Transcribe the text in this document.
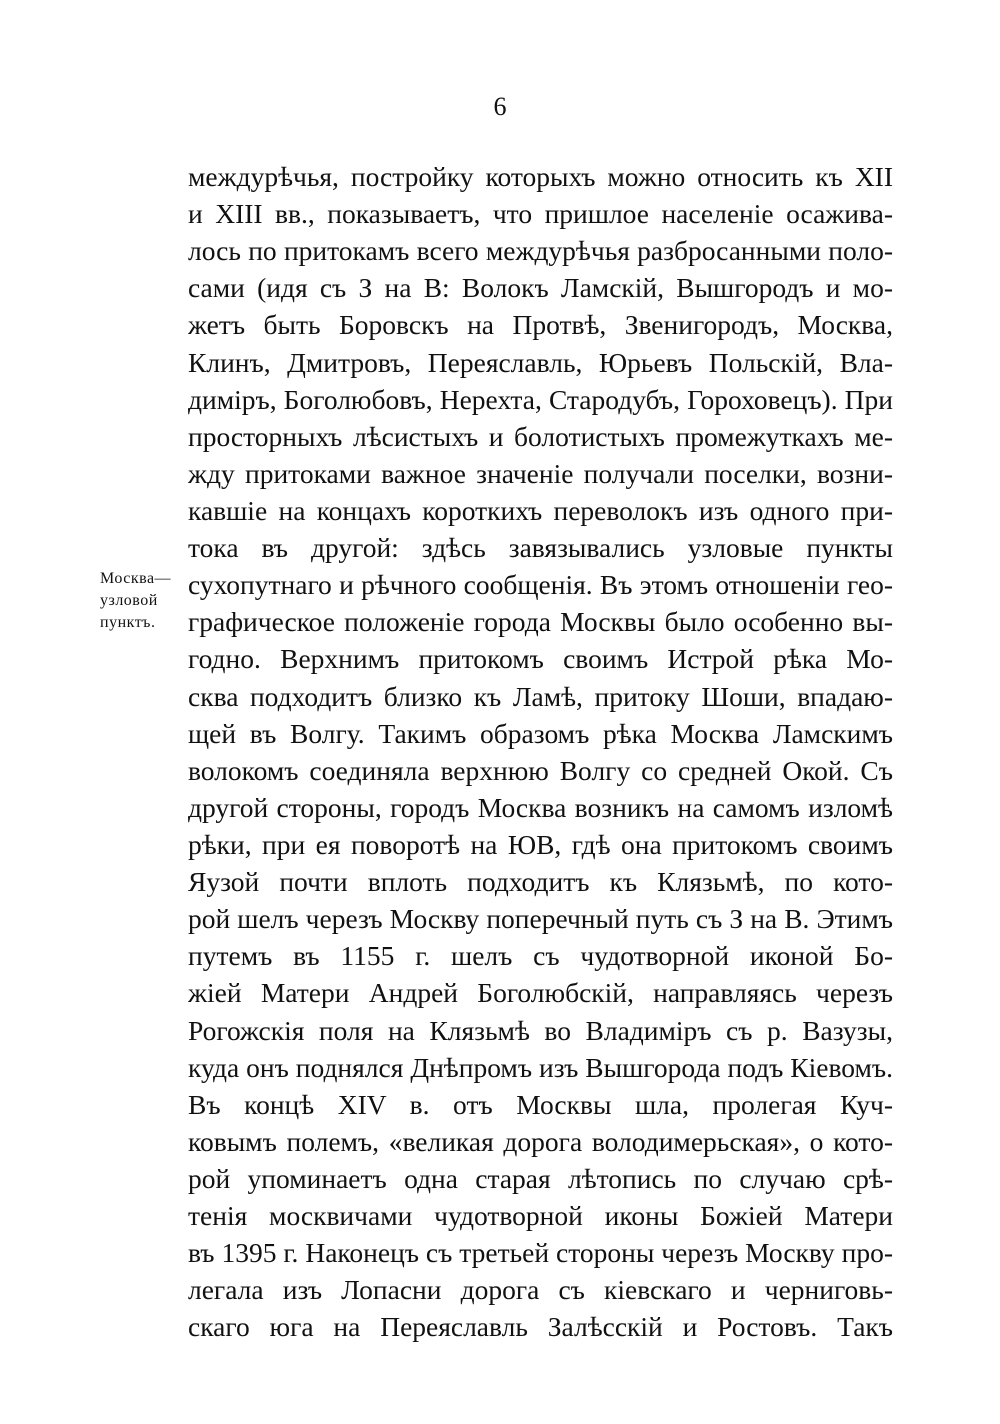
6
Москва—
узловой
пунктъ.
междурѣчья, постройку которыхъ можно относить къ XII
и XIII вв., показываетъ, что пришлое населеніе осажива-
лось по притокамъ всего междурѣчья разбросанными поло-
сами (идя съ З на В: Волокъ Ламскій, Вышгородъ и мо-
жетъ быть Боровскъ на Протвѣ, Звенигородъ, Москва,
Клинъ, Дмитровъ, Переяславль, Юрьевъ Польскій, Вла-
диміръ, Боголюбовъ, Нерехта, Стародубъ, Гороховецъ). При
просторныхъ лѣсистыхъ и болотистыхъ промежуткахъ ме-
жду притоками важное значеніе получали поселки, возни-
кавшіе на концахъ короткихъ переволокъ изъ одного при-
тока въ другой: здѣсь завязывались узловые пункты
сухопутнаго и рѣчного сообщенія. Въ этомъ отношеніи гео-
графическое положеніе города Москвы было особенно вы-
годно. Верхнимъ притокомъ своимъ Истрой рѣка Мо-
сква подходитъ близко къ Ламѣ, притоку Шоши, впадаю-
щей въ Волгу. Такимъ образомъ рѣка Москва Ламскимъ
волокомъ соединяла верхнюю Волгу со средней Окой. Съ
другой стороны, городъ Москва возникъ на самомъ изломѣ
рѣки, при ея поворотѣ на ЮВ, гдѣ она притокомъ своимъ
Яузой почти вплоть подходитъ къ Клязьмѣ, по кото-
рой шелъ черезъ Москву поперечный путь съ З на В. Этимъ
путемъ въ 1155 г. шелъ съ чудотворной иконой Бо-
жіей Матери Андрей Боголюбскій, направляясь черезъ
Рогожскія поля на Клязьмѣ во Владиміръ съ р. Вазузы,
куда онъ поднялся Днѣпромъ изъ Вышгорода подъ Кіевомъ.
Въ концѣ XIV в. отъ Москвы шла, пролегая Куч-
ковымъ полемъ, «великая дорога володимерьская», о кото-
рой упоминаетъ одна старая лѣтопись по случаю срѣ-
тенія москвичами чудотворной иконы Божіей Матери
въ 1395 г. Наконецъ съ третьей стороны черезъ Москву про-
легала изъ Лопасни дорога съ кіевскаго и черниговь-
скаго юга на Переяславль Залѣсскій и Ростовъ. Такъ
